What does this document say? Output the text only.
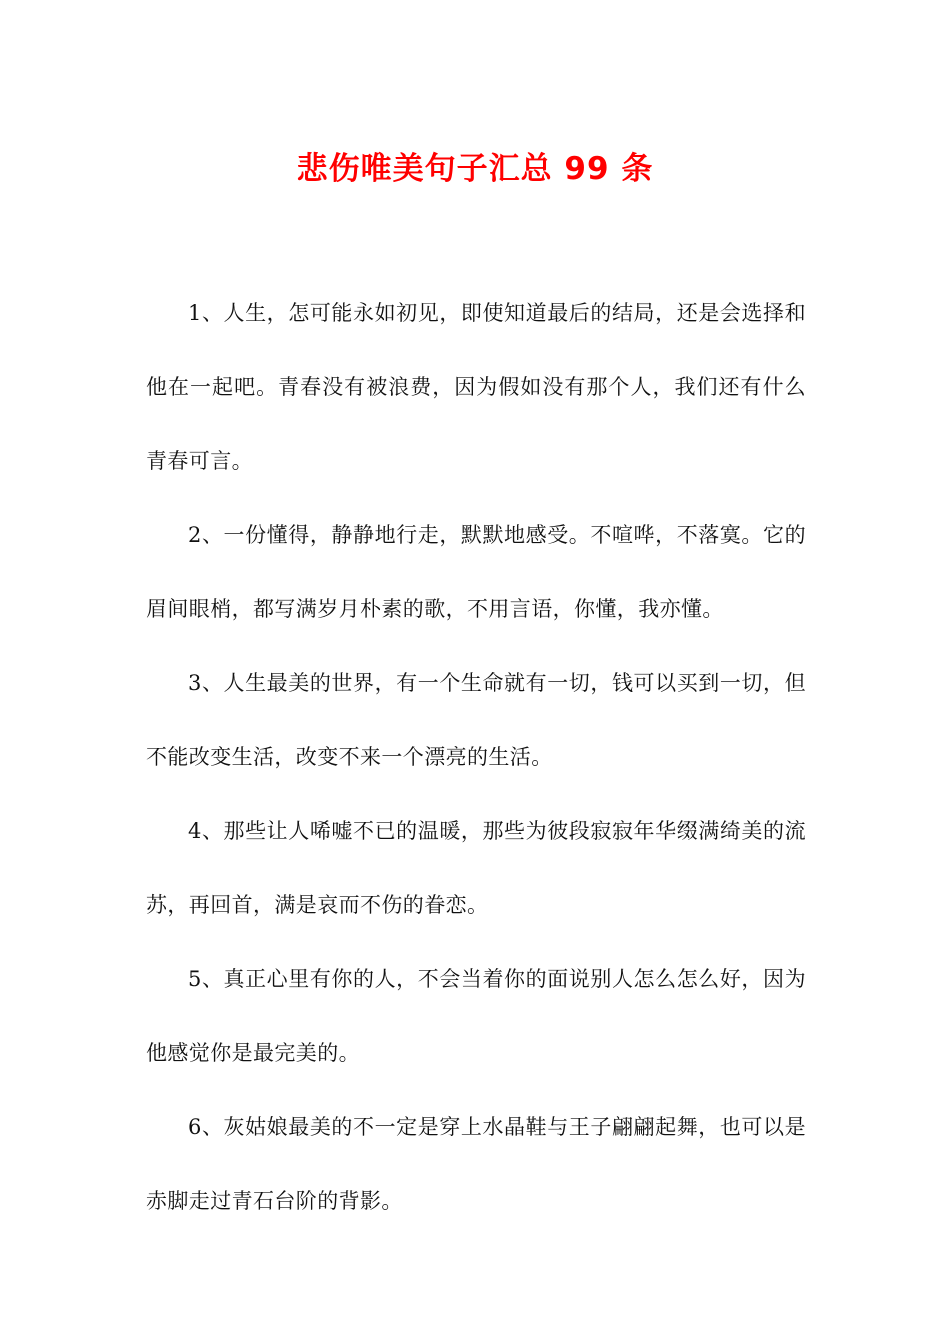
悲伤唯美句子汇总 99 条

1、人生，怎可能永如初见，即使知道最后的结局，还是会选择和他在一起吧。青春没有被浪费，因为假如没有那个人，我们还有什么青春可言。

2、一份懂得，静静地行走，默默地感受。不喧哗，不落寞。它的眉间眼梢，都写满岁月朴素的歌，不用言语，你懂，我亦懂。

3、人生最美的世界，有一个生命就有一切，钱可以买到一切，但不能改变生活，改变不来一个漂亮的生活。

4、那些让人唏嘘不已的温暖，那些为彼段寂寂年华缀满绮美的流苏，再回首，满是哀而不伤的眷恋。

5、真正心里有你的人，不会当着你的面说别人怎么怎么好，因为他感觉你是最完美的。

6、灰姑娘最美的不一定是穿上水晶鞋与王子翩翩起舞，也可以是赤脚走过青石台阶的背影。
